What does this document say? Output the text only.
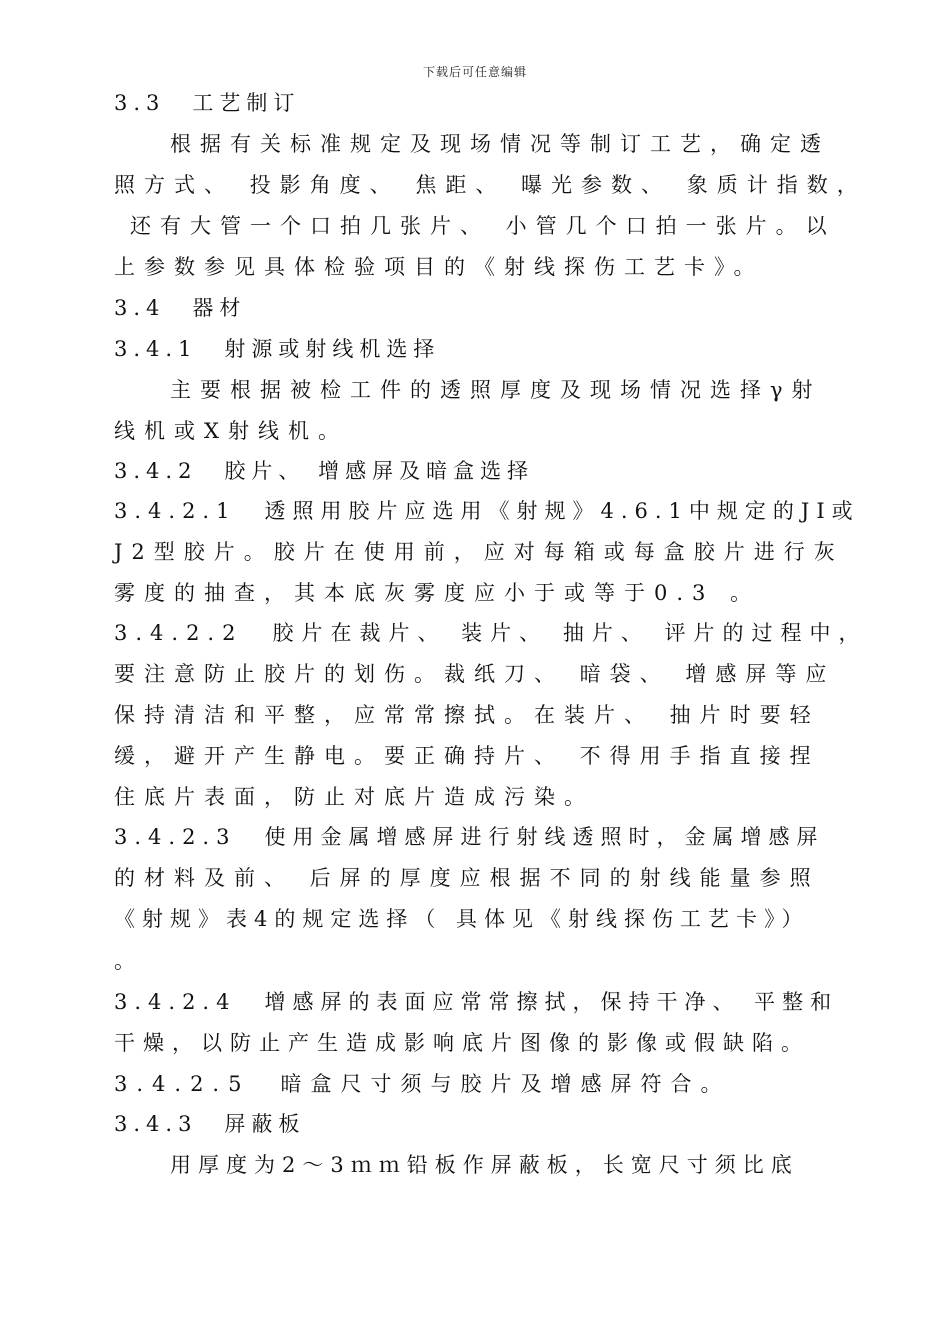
下载后可任意编辑
3.3　工艺制订
根据有关标准规定及现场情况等制订工艺，确定透
照方式、 投影角度、 焦距、 曝光参数、 象质计指数，
还有大管一个口拍几张片、 小管几个口拍一张片。以
上参数参见具体检验项目的《射线探伤工艺卡》。
3.4　器材
3.4.1　射源或射线机选择
主要根据被检工件的透照厚度及现场情况选择γ射
线机或X射线机。
3.4.2　胶片、 增感屏及暗盒选择
3.4.2.1　透照用胶片应选用《射规》4.6.1中规定的JI或
J2型胶片。胶片在使用前，应对每箱或每盒胶片进行灰
雾度的抽查，其本底灰雾度应小于或等于0.3 。
3.4.2.2　胶片在裁片、 装片、 抽片、 评片的过程中，
要注意防止胶片的划伤。裁纸刀、 暗袋、 增感屏等应
保持清洁和平整，应常常擦拭。在装片、 抽片时要轻
缓，避开产生静电。要正确持片、 不得用手指直接捏
住底片表面，防止对底片造成污染。
3.4.2.3　使用金属增感屏进行射线透照时，金属增感屏
的材料及前、 后屏的厚度应根据不同的射线能量参照
《射规》表4的规定选择（ 具体见《射线探伤工艺卡》）
。
3.4.2.4　增感屏的表面应常常擦拭，保持干净、 平整和
干燥，以防止产生造成影响底片图像的影像或假缺陷。
3.4.2.5　暗盒尺寸须与胶片及增感屏符合。
3.4.3　屏蔽板
用厚度为2～3ｍｍ铅板作屏蔽板，长宽尺寸须比底
